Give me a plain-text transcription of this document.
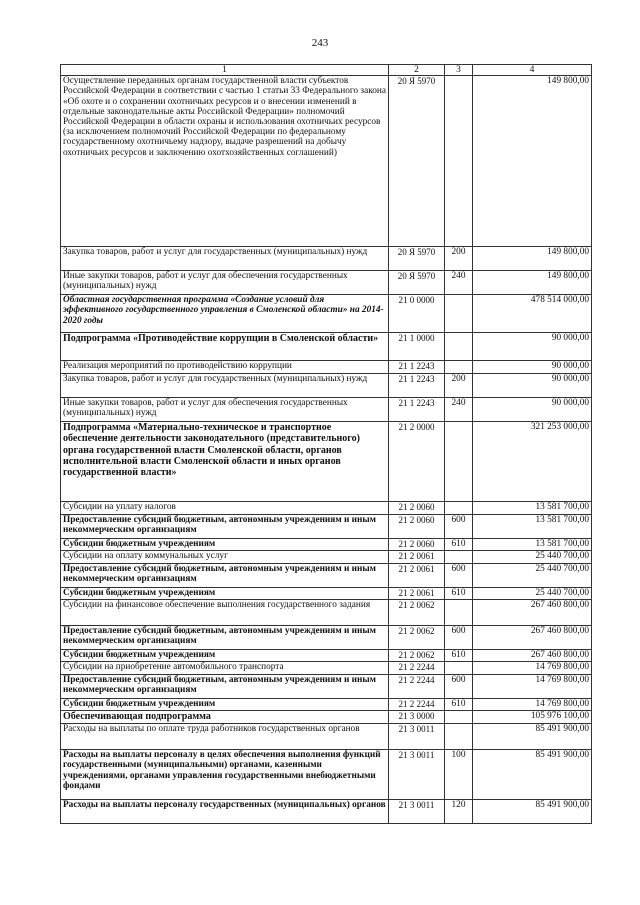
243
1	2	3	4
Осуществление переданных органам государственной власти субъектов Российской Федерации в соответствии с частью 1 статьи 33 Федерального закона «Об охоте и о сохранении охотничьих ресурсов и о внесении изменений в отдельные законодательные акты Российской Федерации» полномочий Российской Федерации в области охраны и использования охотничьих ресурсов (за исключением полномочий Российской Федерации по федеральному государственному охотничьему надзору, выдаче разрешений на добычу охотничьих ресурсов и заключению охотхозяйственных соглашений)	20 Я 5970		149 800,00
Закупка товаров, работ и услуг для государственных (муниципальных) нужд	20 Я 5970	200	149 800,00
Иные закупки товаров, работ и услуг для обеспечения государственных (муниципальных) нужд	20 Я 5970	240	149 800,00
Областная государственная программа «Создание условий для эффективного государственного управления в Смоленской области» на 2014-2020 годы	21 0 0000		478 514 000,00
Подпрограмма «Противодействие коррупции в Смоленской области»	21 1 0000		90 000,00
Реализация мероприятий по противодействию коррупции	21 1 2243		90 000,00
Закупка товаров, работ и услуг для государственных (муниципальных) нужд	21 1 2243	200	90 000,00
Иные закупки товаров, работ и услуг для обеспечения государственных (муниципальных) нужд	21 1 2243	240	90 000,00
Подпрограмма «Материально-техническое и транспортное обеспечение деятельности законодательного (представительного) органа государственной власти Смоленской области, органов исполнительной власти Смоленской области и иных органов государственной власти»	21 2 0000		321 253 000,00
Субсидии на уплату налогов	21 2 0060		13 581 700,00
Предоставление субсидий бюджетным, автономным учреждениям и иным некоммерческим организациям	21 2 0060	600	13 581 700,00
Субсидии бюджетным учреждениям	21 2 0060	610	13 581 700,00
Субсидии на оплату коммунальных услуг	21 2 0061		25 440 700,00
Предоставление субсидий бюджетным, автономным учреждениям и иным некоммерческим организациям	21 2 0061	600	25 440 700,00
Субсидии бюджетным учреждениям	21 2 0061	610	25 440 700,00
Субсидии на финансовое обеспечение выполнения государственного задания	21 2 0062		267 460 800,00
Предоставление субсидий бюджетным, автономным учреждениям и иным некоммерческим организациям	21 2 0062	600	267 460 800,00
Субсидии бюджетным учреждениям	21 2 0062	610	267 460 800,00
Субсидии на приобретение автомобильного транспорта	21 2 2244		14 769 800,00
Предоставление субсидий бюджетным, автономным учреждениям и иным некоммерческим организациям	21 2 2244	600	14 769 800,00
Субсидии бюджетным учреждениям	21 2 2244	610	14 769 800,00
Обеспечивающая подпрограмма	21 3 0000		105 976 100,00
Расходы на выплаты по оплате труда работников государственных органов	21 3 0011		85 491 900,00
Расходы на выплаты персоналу в целях обеспечения выполнения функций государственными (муниципальными) органами, казенными учреждениями, органами управления государственными внебюджетными фондами	21 3 0011	100	85 491 900,00
Расходы на выплаты персоналу государственных (муниципальных) органов	21 3 0011	120	85 491 900,00
